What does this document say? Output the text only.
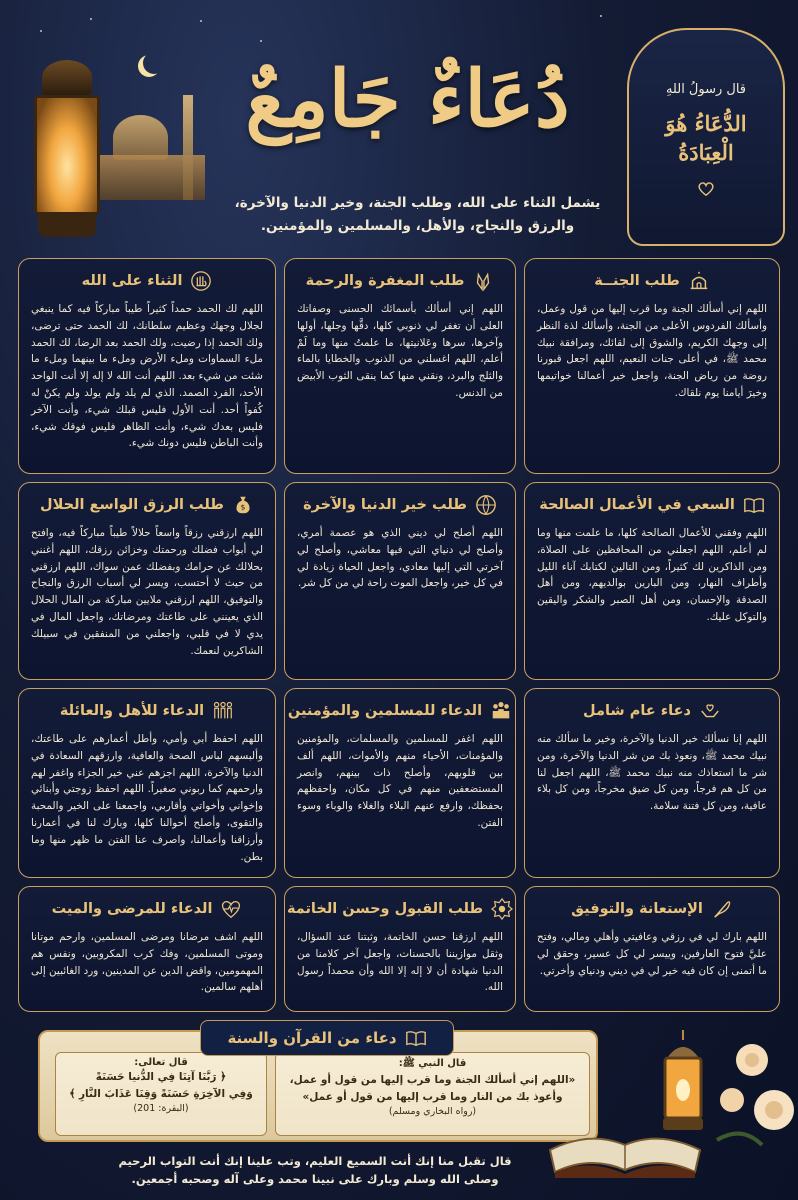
دُعَاءٌ جَامِعٌ
يشمل الثناء على الله، وطلب الجنة، وخير الدنيا والآخرة،
والرزق والنجاح، والأهل، والمسلمين والمؤمنين.
قال رسولُ اللهِ
الدُّعَاءُ هُوَ الْعِبَادَةُ
طلب الجنــة
اللهم إني أسألك الجنة وما قرب إليها من قول وعمل، وأسألك الفردوس الأعلى من الجنة، وأسألك لذة النظر إلى وجهك الكريم، والشوق إلى لقائك، ومرافقة نبيك محمد ﷺ، في أعلى جنات النعيم، اللهم اجعل قبورنا روضة من رياض الجنة، واجعل خير أعمالنا خواتيمها وخيرَ أيامنا يوم نلقاك.
طلب المغفرة والرحمة
اللهم إني أسألك بأسمائك الحسنى وصفاتك العلى أن تغفر لي ذنوبي كلها، دقَّها وجلها، أولها وآخرها، سرها وعَلانيتها، ما علمتُ منها وما لَمْ أعلم، اللهم اغسلني من الذنوب والخطايا بالماء والثلج والبرد، ونقني منها كما ينقى الثوب الأبيض من الدنس.
الثناء على الله
اللهم لك الحمد حمداً كثيراً طيباً مباركاً فيه كما ينبغي لجلال وجهك وعظيم سلطانك، لك الحمد حتى ترضى، ولك الحمد إذا رضيت، ولك الحمد بعد الرضا، لك الحمد ملء السماوات وملء الأرض وملء ما بينهما وملء ما شئت من شيء بعد. اللهم أنت الله لا إله إلا أنت الواحد الأحد، الفرد الصمد. الذي لم يلد ولم يولد ولم يكنْ له كُفواً أحد. أنت الأول فليس قبلك شيء، وأنت الآخر فليس بعدك شيء، وأنت الظاهر فليس فوقك شيء، وأنت الباطن فليس دونك شيء.
السعي في الأعمال الصالحة
اللهم وفقني للأعمال الصالحة كلها، ما علمت منها وما لم أعلم، اللهم اجعلني من المحافظين على الصلاة، ومن الذاكرين لك كثيراً، ومن التالين لكتابك آناء الليل وأطراف النهار، ومن البارين بوالديهم، ومن أهل الصدقة والإحسان، ومن أهل الصبر والشكر واليقين والتوكل عليك.
طلب خير الدنيا والآخرة
اللهم أصلح لي ديني الذي هو عصمة أمري، وأصلح لي دنياي التي فيها معاشي، وأصلح لي آخرتي التي إليها معادي، واجعل الحياة زيادة لي في كل خير، واجعل الموت راحة لي من كل شر.
$
طلب الرزق الواسع الحلال
اللهم ارزقني رزقاً واسعاً حلالاً طيباً مباركاً فيه، وافتح لي أبواب فضلك ورحمتك وخزائن رزقك، اللهم أغنني بحلالك عن حرامك وبفضلك عمن سواك، اللهم ارزقني من حيث لا أحتسب، ويسر لي أسباب الرزق والنجاح والتوفيق، اللهم ارزقني ملايين مباركة من المال الحلال الذي يعينني على طاعتك ومرضاتك، واجعل المال في يدي لا في قلبي، واجعلني من المنفقين في سبيلك الشاكرين لنعمك.
دعاء عام شامل
اللهم إنا نسألك خير الدنيا والآخرة، وخير ما سألك منه نبيك محمد ﷺ، ونعوذ بك من شر الدنيا والآخرة، ومن شر ما استعاذك منه نبيك محمد ﷺ، اللهم اجعل لنا من كل هم فرجاً، ومن كل ضيق مخرجاً، ومن كل بلاء عافية، ومن كل فتنة سلامة.
الدعاء للمسلمين والمؤمنين
اللهم اغفر للمسلمين والمسلمات، والمؤمنين والمؤمنات، الأحياء منهم والأموات، اللهم ألف بين قلوبهم، وأصلح ذات بينهم، وانصر المستضعفين منهم في كل مكان، واحفظهم بحفظك، وارفع عنهم البلاء والغلاء والوباء وسوء الفتن.
الدعاء للأهل والعائلة
اللهم احفظ أبي وأمي، وأطل أعمارهم على طاعتك، وألبسهم لباس الصحة والعافية، وارزقهم السعادة في الدنيا والآخرة، اللهم اجزهم عني خير الجزاء واغفر لهم وارحمهم كما ربوني صغيراً. اللهم احفظ زوجتي وأبنائي وإخواني وأخواتي وأقاربي، واجمعنا على الخير والمحبة والتقوى، وأصلح أحوالنا كلها، وبارك لنا في أعمارنا وأرزاقنا وأعمالنا، واصرف عنا الفتن ما ظهر منها وما بطن.
الإستعانة والتوفيق
اللهم بارك لي في رزقي وعافيتي وأهلي ومالي، وفتح عليَّ فتوح العارفين، وييسر لي كل عسير، وحقق لي ما أتمنى إن كان فيه خير لي في ديني ودنياي وأخرتي.
طلب القبول وحسن الخاتمة
اللهم ارزقنا حسن الخاتمة، وثبتنا عند السؤال، وثقل موازيننا بالحسنات، واجعل آخر كلامنا من الدنيا شهادة أن لا إله إلا الله وأن محمداً رسول الله.
الدعاء للمرضى والميت
اللهم اشف مرضانا ومرضى المسلمين، وارحم موتانا وموتى المسلمين، وفك كرب المكروبين، ونفس هم المهمومين، واقض الدين عن المدينين، ورد الغائبين إلى أهلهم سالمين.
قال النبي ﷺ:
«اللهم إني أسألك الجنة وما قرب إليها من قول أو عمل،
وأعوذ بك من النار وما قرب إليها من قول أو عمل»
(رواه البخاري ومسلم)
قال تعالى:
﴿ رَبَّنَا آتِنَا فِي الدُّنيا حَسَنَةً
وَفِي الآخِرَةِ حَسَنَةً وَقِنَا عَذَابَ النَّارِ ﴾
(البقرة: 201)
دعاء من القرآن والسنة
قال تقبل منا إنك أنت السميع العليم، وتب علينا إنك أنت التواب الرحيم
وصلى الله وسلم وبارك على نبينا محمد وعلى آله وصحبه أجمعين.
